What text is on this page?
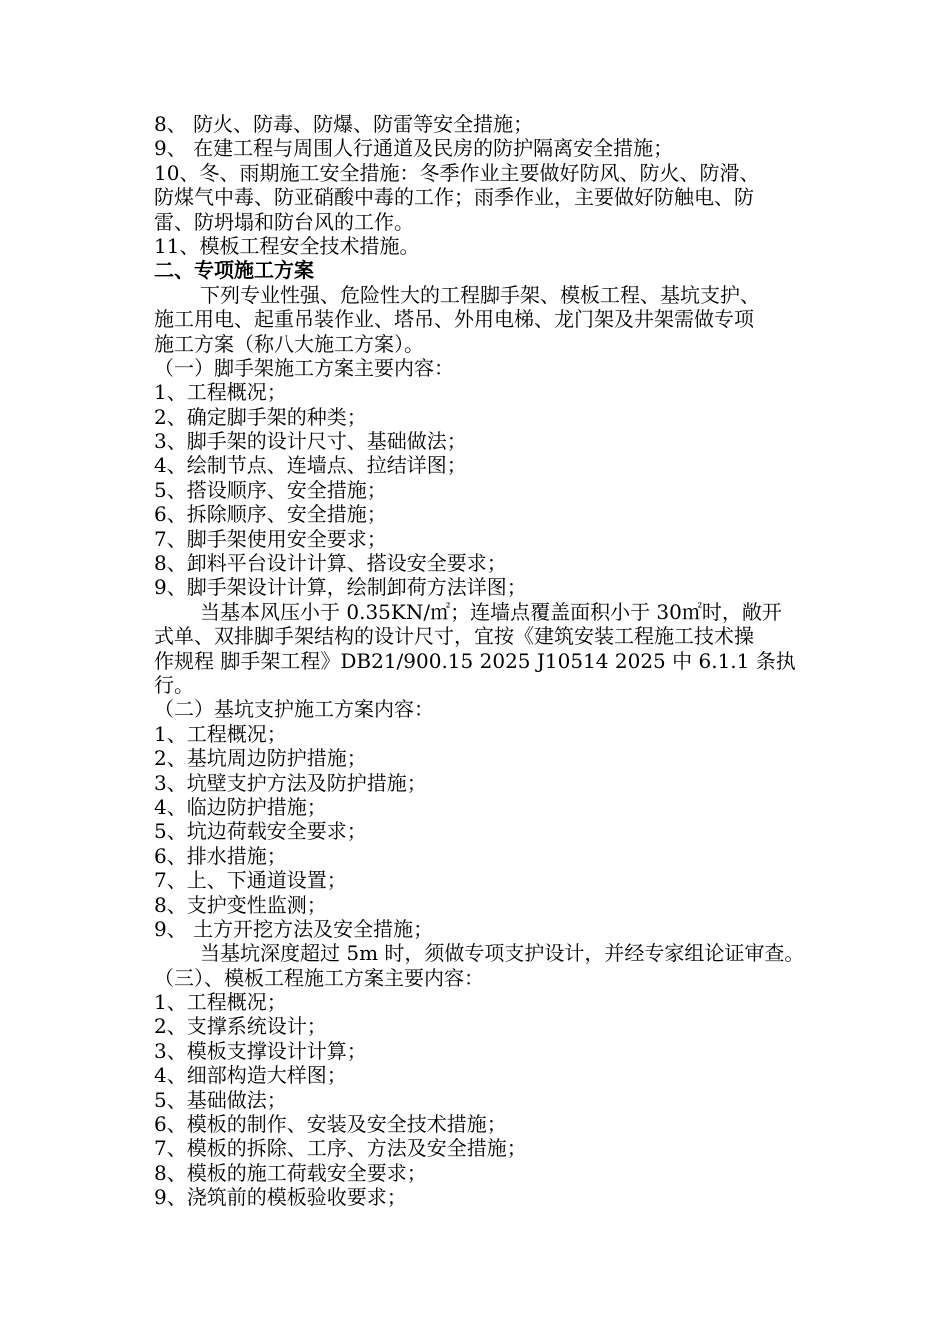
8、 防火、防毒、防爆、防雷等安全措施；

9、 在建工程与周围人行通道及民房的防护隔离安全措施；

10、冬、雨期施工安全措施：冬季作业主要做好防风、防火、防滑、

防煤气中毒、防亚硝酸中毒的工作；雨季作业，主要做好防触电、防

雷、防坍塌和防台风的工作。

11、模板工程安全技术措施。

二、专项施工方案

下列专业性强、危险性大的工程脚手架、模板工程、基坑支护、

施工用电、起重吊装作业、塔吊、外用电梯、龙门架及井架需做专项

施工方案（称八大施工方案）。

（一）脚手架施工方案主要内容：

1、工程概况；

2、确定脚手架的种类；

3、脚手架的设计尺寸、基础做法；

4、绘制节点、连墙点、拉结详图；

5、搭设顺序、安全措施；

6、拆除顺序、安全措施；

7、脚手架使用安全要求；

8、卸料平台设计计算、搭设安全要求；

9、脚手架设计计算，绘制卸荷方法详图；

当基本风压小于 0.35KN/㎡；连墙点覆盖面积小于 30㎡时，敞开

式单、双排脚手架结构的设计尺寸，宜按《建筑安装工程施工技术操

作规程 脚手架工程》DB21/900.15 2025 J10514 2025 中 6.1.1 条执

行。

（二）基坑支护施工方案内容：

1、工程概况；

2、基坑周边防护措施；

3、坑壁支护方法及防护措施；

4、临边防护措施；

5、坑边荷载安全要求；

6、排水措施；

7、上、下通道设置；

8、支护变性监测；

9、 土方开挖方法及安全措施；

当基坑深度超过 5m 时，须做专项支护设计，并经专家组论证审查。

（三）、模板工程施工方案主要内容：

1、工程概况；

2、支撑系统设计；

3、模板支撑设计计算；

4、细部构造大样图；

5、基础做法；

6、模板的制作、安装及安全技术措施；

7、模板的拆除、工序、方法及安全措施；

8、模板的施工荷载安全要求；

9、浇筑前的模板验收要求；
